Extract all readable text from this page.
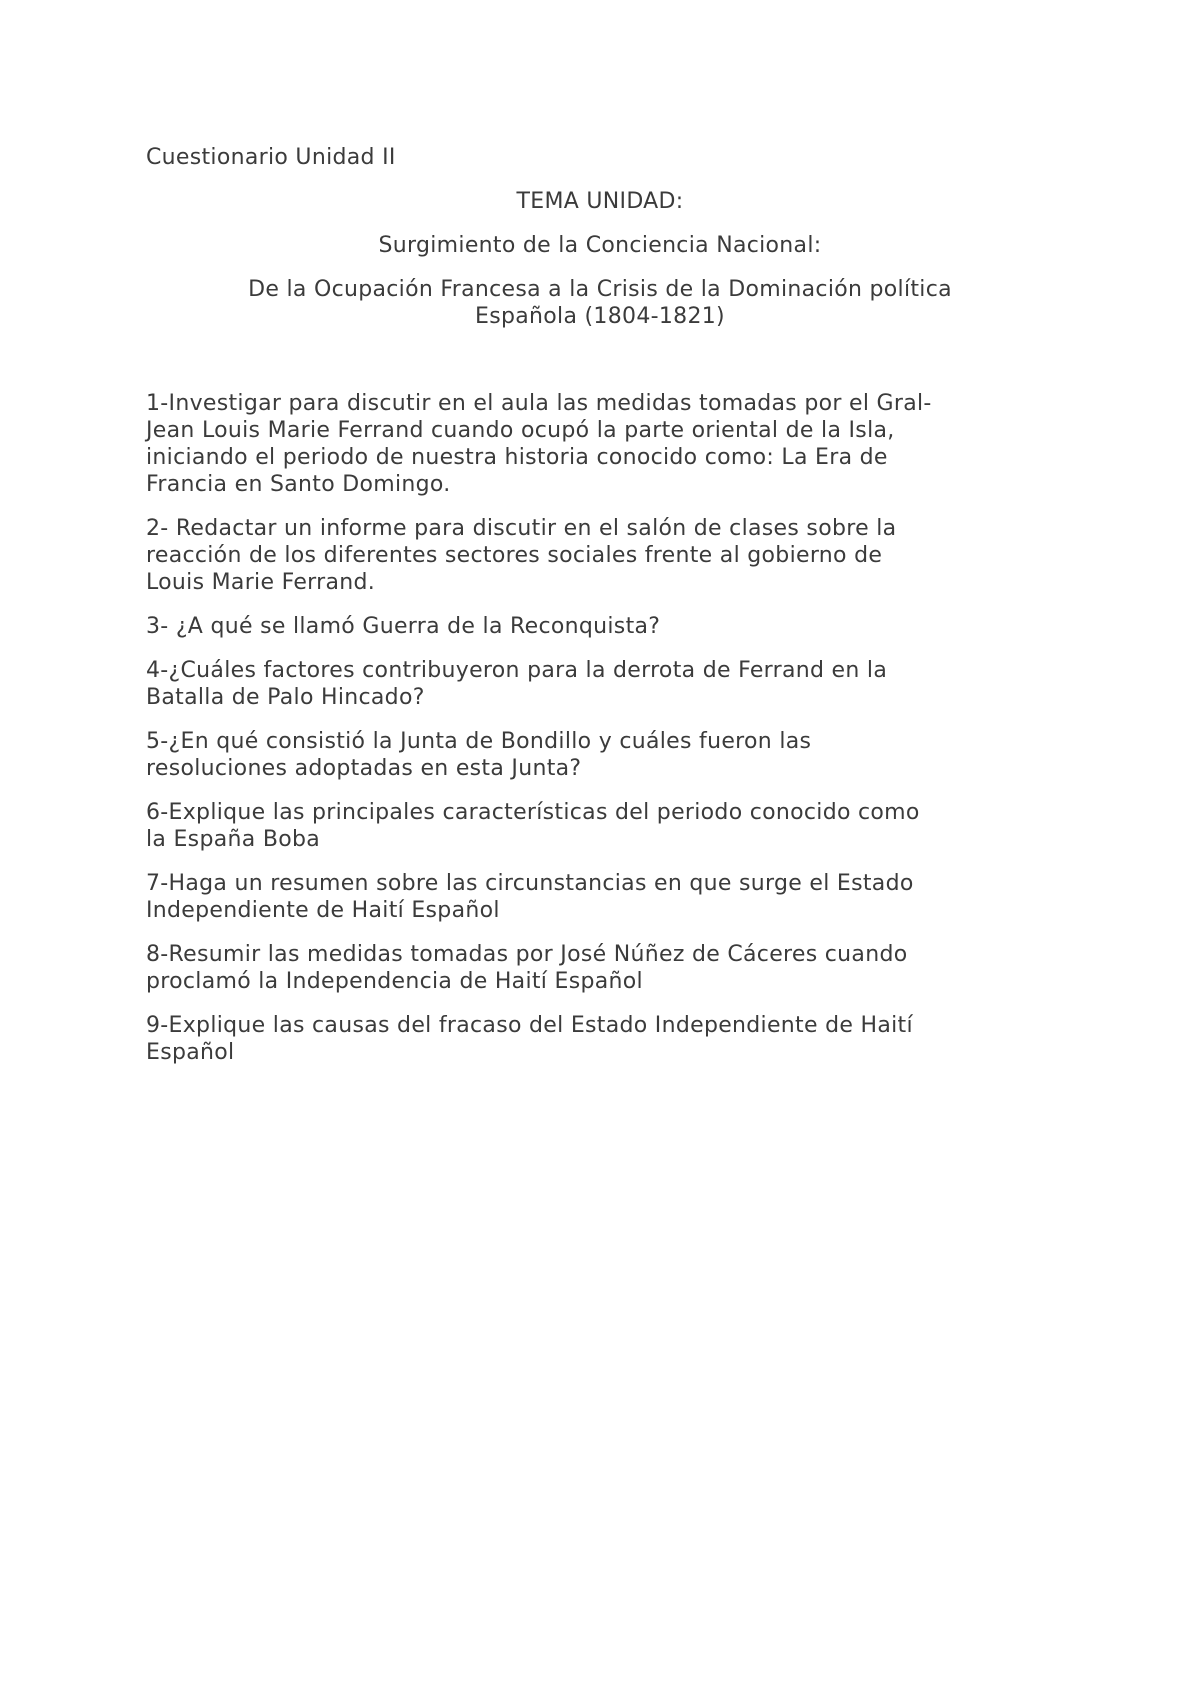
Cuestionario Unidad II
TEMA UNIDAD:
Surgimiento de la Conciencia Nacional:
De la Ocupación Francesa a la Crisis de la Dominación política
Española (1804-1821)
1-Investigar para discutir en el aula las medidas tomadas por el Gral-
Jean Louis Marie Ferrand cuando ocupó la parte oriental de la Isla,
iniciando el periodo de nuestra historia conocido como: La Era de
Francia en Santo Domingo.
2- Redactar un informe para discutir en el salón de clases sobre la
reacción de los diferentes sectores sociales frente al gobierno de
Louis Marie Ferrand.
3- ¿A qué se llamó Guerra de la Reconquista?
4-¿Cuáles factores contribuyeron para la derrota de Ferrand en la
Batalla de Palo Hincado?
5-¿En qué consistió la Junta de Bondillo y cuáles fueron las
resoluciones adoptadas en esta Junta?
6-Explique las principales características del periodo conocido como
la España Boba
7-Haga un resumen sobre las circunstancias en que surge el Estado
Independiente de Haití Español
8-Resumir las medidas tomadas por José Núñez de Cáceres cuando
proclamó la Independencia de Haití Español
9-Explique las causas del fracaso del Estado Independiente de Haití
Español
